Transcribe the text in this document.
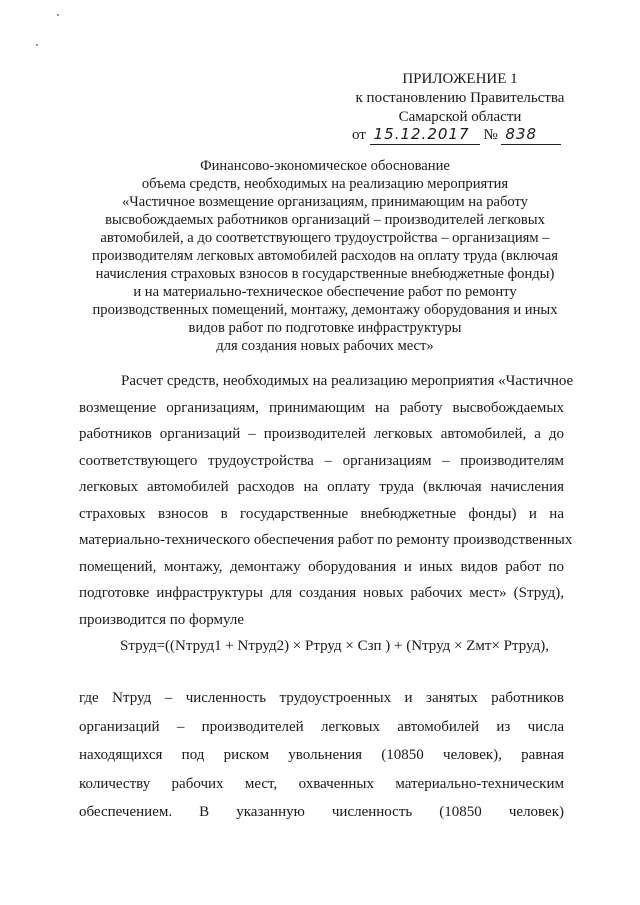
ПРИЛОЖЕНИЕ 1
к постановлению Правительства
Самарской области
от 15.12.2017 № 838
Финансово-экономическое обоснование
объема средств, необходимых на реализацию мероприятия
«Частичное возмещение организациям, принимающим на работу
высвобождаемых работников организаций – производителей легковых
автомобилей, а до соответствующего трудоустройства – организациям –
производителям легковых автомобилей расходов на оплату труда (включая
начисления страховых взносов в государственные внебюджетные фонды)
и на материально-техническое обеспечение работ по ремонту
производственных помещений, монтажу, демонтажу оборудования и иных
видов работ по подготовке инфраструктуры
для создания новых рабочих мест»
Расчет средств, необходимых на реализацию мероприятия «Частичное
возмещение организациям, принимающим на работу высвобождаемых
работников организаций – производителей легковых автомобилей, а до
соответствующего трудоустройства – организациям – производителям
легковых автомобилей расходов на оплату труда (включая начисления
страховых взносов в государственные внебюджетные фонды) и на
материально-технического обеспечения работ по ремонту производственных
помещений, монтажу, демонтажу оборудования и иных видов работ по
подготовке инфраструктуры для создания новых рабочих мест» (Sтруд),
производится по формуле
Sтруд=((Nтруд1 + Nтруд2) × Pтруд × Cзп ) + (Nтруд × Zмт× Pтруд),
где Nтруд – численность трудоустроенных и занятых работников
организаций – производителей легковых автомобилей из числа
находящихся под риском увольнения (10850 человек), равная
количеству рабочих мест, охваченных материально-техническим
обеспечением. В указанную численность (10850 человек)
